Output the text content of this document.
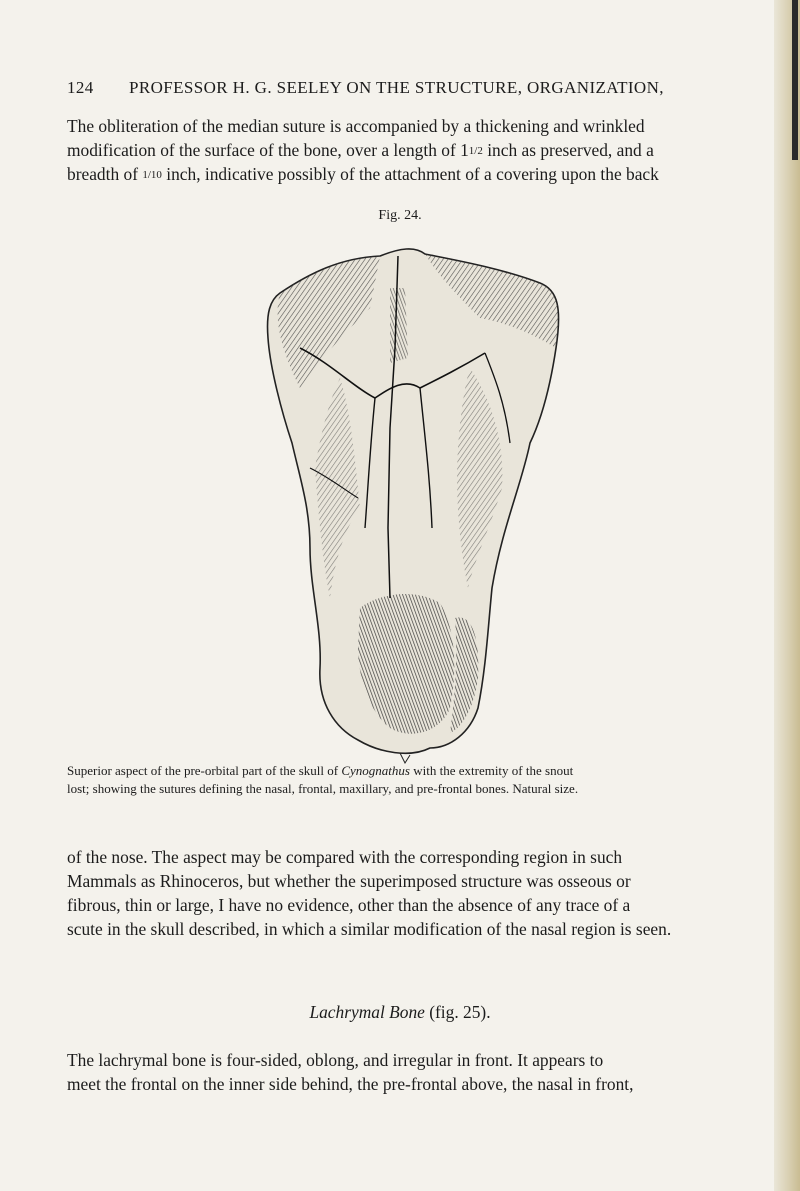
124 PROFESSOR H. G. SEELEY ON THE STRUCTURE, ORGANIZATION,
The obliteration of the median suture is accompanied by a thickening and wrinkled
modification of the surface of the bone, over a length of 11/2 inch as preserved, and a
breadth of 1/10 inch, indicative possibly of the attachment of a covering upon the back
Fig. 24.
Superior aspect of the pre-orbital part of the skull of Cynognathus with the extremity of the snout
lost; showing the sutures defining the nasal, frontal, maxillary, and pre-frontal bones. Natural size.
of the nose. The aspect may be compared with the corresponding region in such
Mammals as Rhinoceros, but whether the superimposed structure was osseous or
fibrous, thin or large, I have no evidence, other than the absence of any trace of a
scute in the skull described, in which a similar modification of the nasal region is seen.
Lachrymal Bone (fig. 25).
The lachrymal bone is four-sided, oblong, and irregular in front. It appears to
meet the frontal on the inner side behind, the pre-frontal above, the nasal in front,
